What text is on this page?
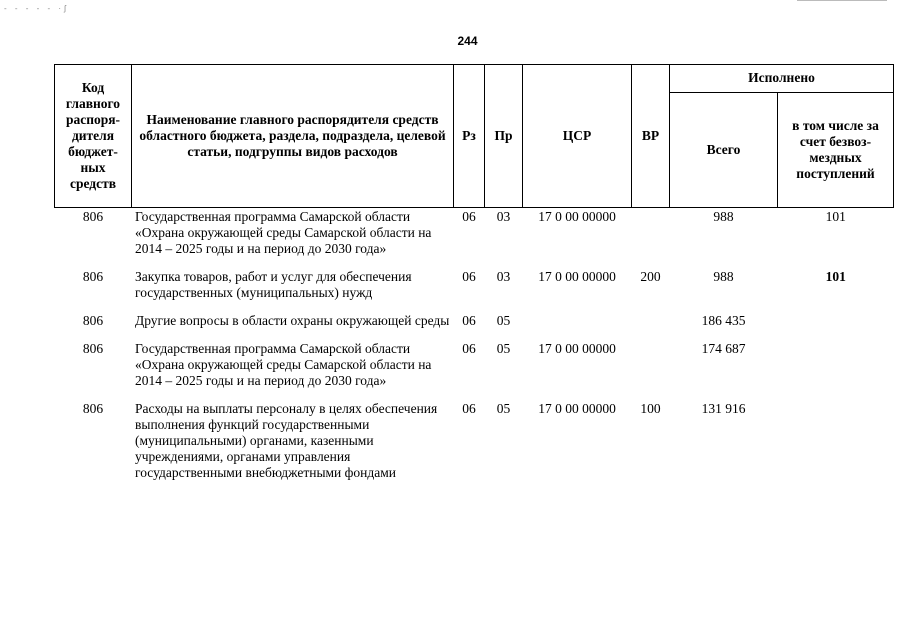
- - - - - ·ʃ
244
Код главного распоря-дителя бюджет-ных средств	Наименование главного распорядителя средств областного бюджета, раздела, подраздела, целевой статьи, подгруппы видов расходов	Рз	Пр	ЦСР	ВР	Исполнено	
						Всего	в том числе за счет безвоз-мездных поступлений
806	Государственная программа Самарской области «Охрана окружающей среды Самарской области на 2014 – 2025 годы и на период до 2030 года»	06	03	17 0 00 00000		988	101
806	Закупка товаров, работ и услуг для обеспечения государственных (муниципальных) нужд	06	03	17 0 00 00000	200	988	101
806	Другие вопросы в области охраны окружающей среды	06	05			186 435	
806	Государственная программа Самарской области «Охрана окружающей среды Самарской области на 2014 – 2025 годы и на период до 2030 года»	06	05	17 0 00 00000		174 687	
806	Расходы на выплаты персоналу в целях обеспечения выполнения функций государственными (муниципальными) органами, казенными учреждениями, органами управления государственными внебюджетными фондами	06	05	17 0 00 00000	100	131 916	
